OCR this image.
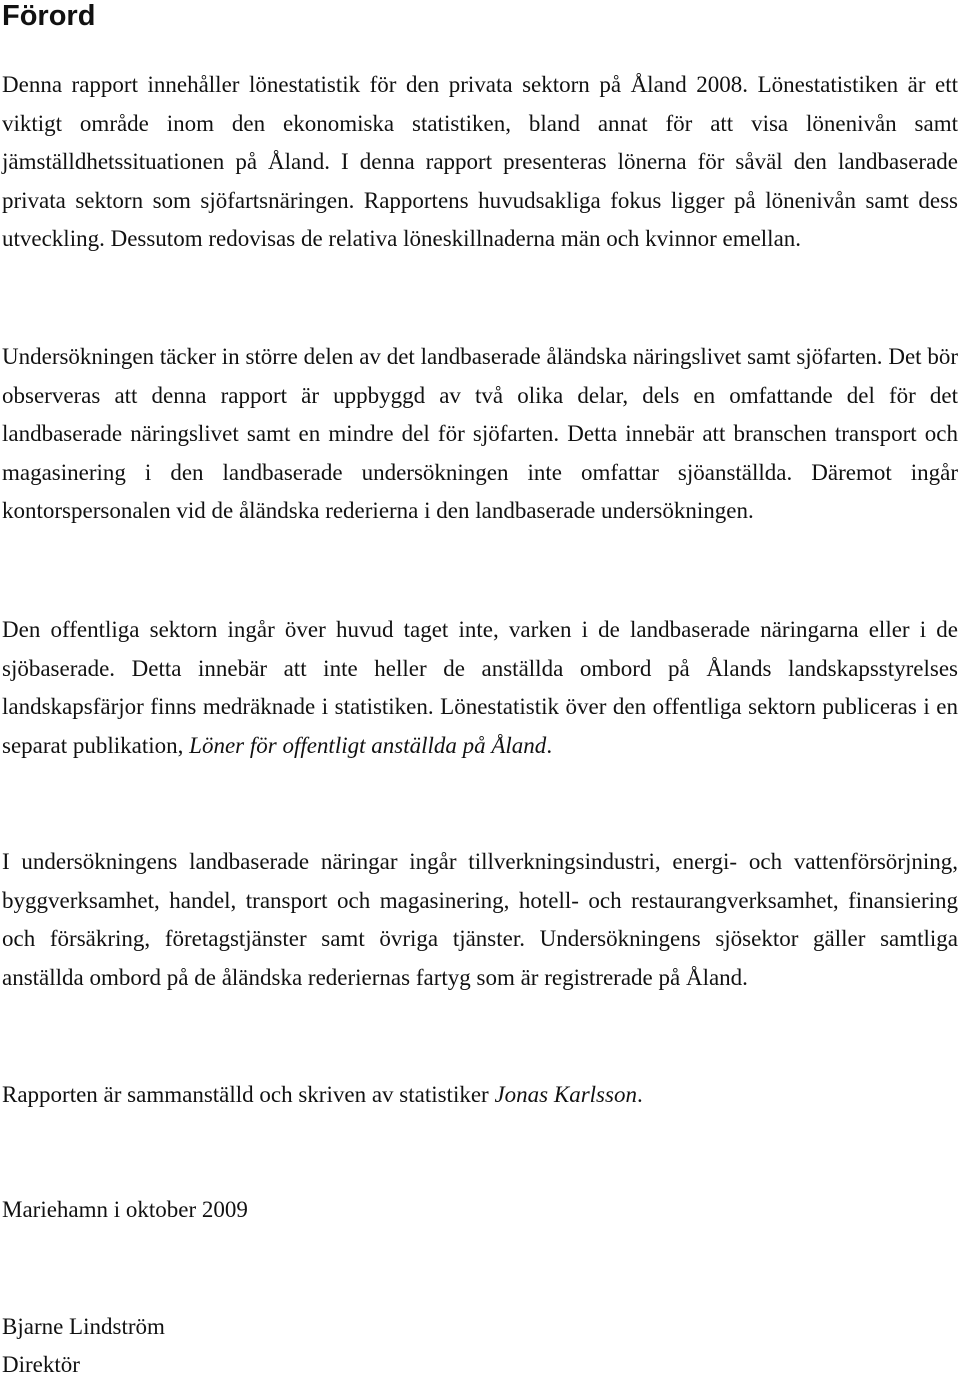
Förord

Denna rapport innehåller lönestatistik för den privata sektorn på Åland 2008. Lönestatistiken är ett viktigt område inom den ekonomiska statistiken, bland annat för att visa lönenivån samt jämställdhetssituationen på Åland. I denna rapport presenteras lönerna för såväl den landbaserade privata sektorn som sjöfartsnäringen. Rapportens huvudsakliga fokus ligger på lönenivån samt dess utveckling. Dessutom redovisas de relativa löneskillnaderna män och kvinnor emellan.

Undersökningen täcker in större delen av det landbaserade åländska näringslivet samt sjöfarten. Det bör observeras att denna rapport är uppbyggd av två olika delar, dels en omfattande del för det landbaserade näringslivet samt en mindre del för sjöfarten. Detta innebär att branschen transport och magasinering i den landbaserade undersökningen inte omfattar sjöanställda. Däremot ingår kontorspersonalen vid de åländska rederierna i den landbaserade undersökningen.

Den offentliga sektorn ingår över huvud taget inte, varken i de landbaserade näringarna eller i de sjöbaserade. Detta innebär att inte heller de anställda ombord på Ålands landskapsstyrelses landskapsfärjor finns medräknade i statistiken. Lönestatistik över den offentliga sektorn publiceras i en separat publikation, Löner för offentligt anställda på Åland.

I undersökningens landbaserade näringar ingår tillverkningsindustri, energi- och vattenförsörjning, byggverksamhet, handel, transport och magasinering, hotell- och restaurangverksamhet, finansiering och försäkring, företagstjänster samt övriga tjänster. Undersökningens sjösektor gäller samtliga anställda ombord på de åländska rederiernas fartyg som är registrerade på Åland.

Rapporten är sammanställd och skriven av statistiker Jonas Karlsson.

Mariehamn i oktober 2009

Bjarne Lindström

Direktör
